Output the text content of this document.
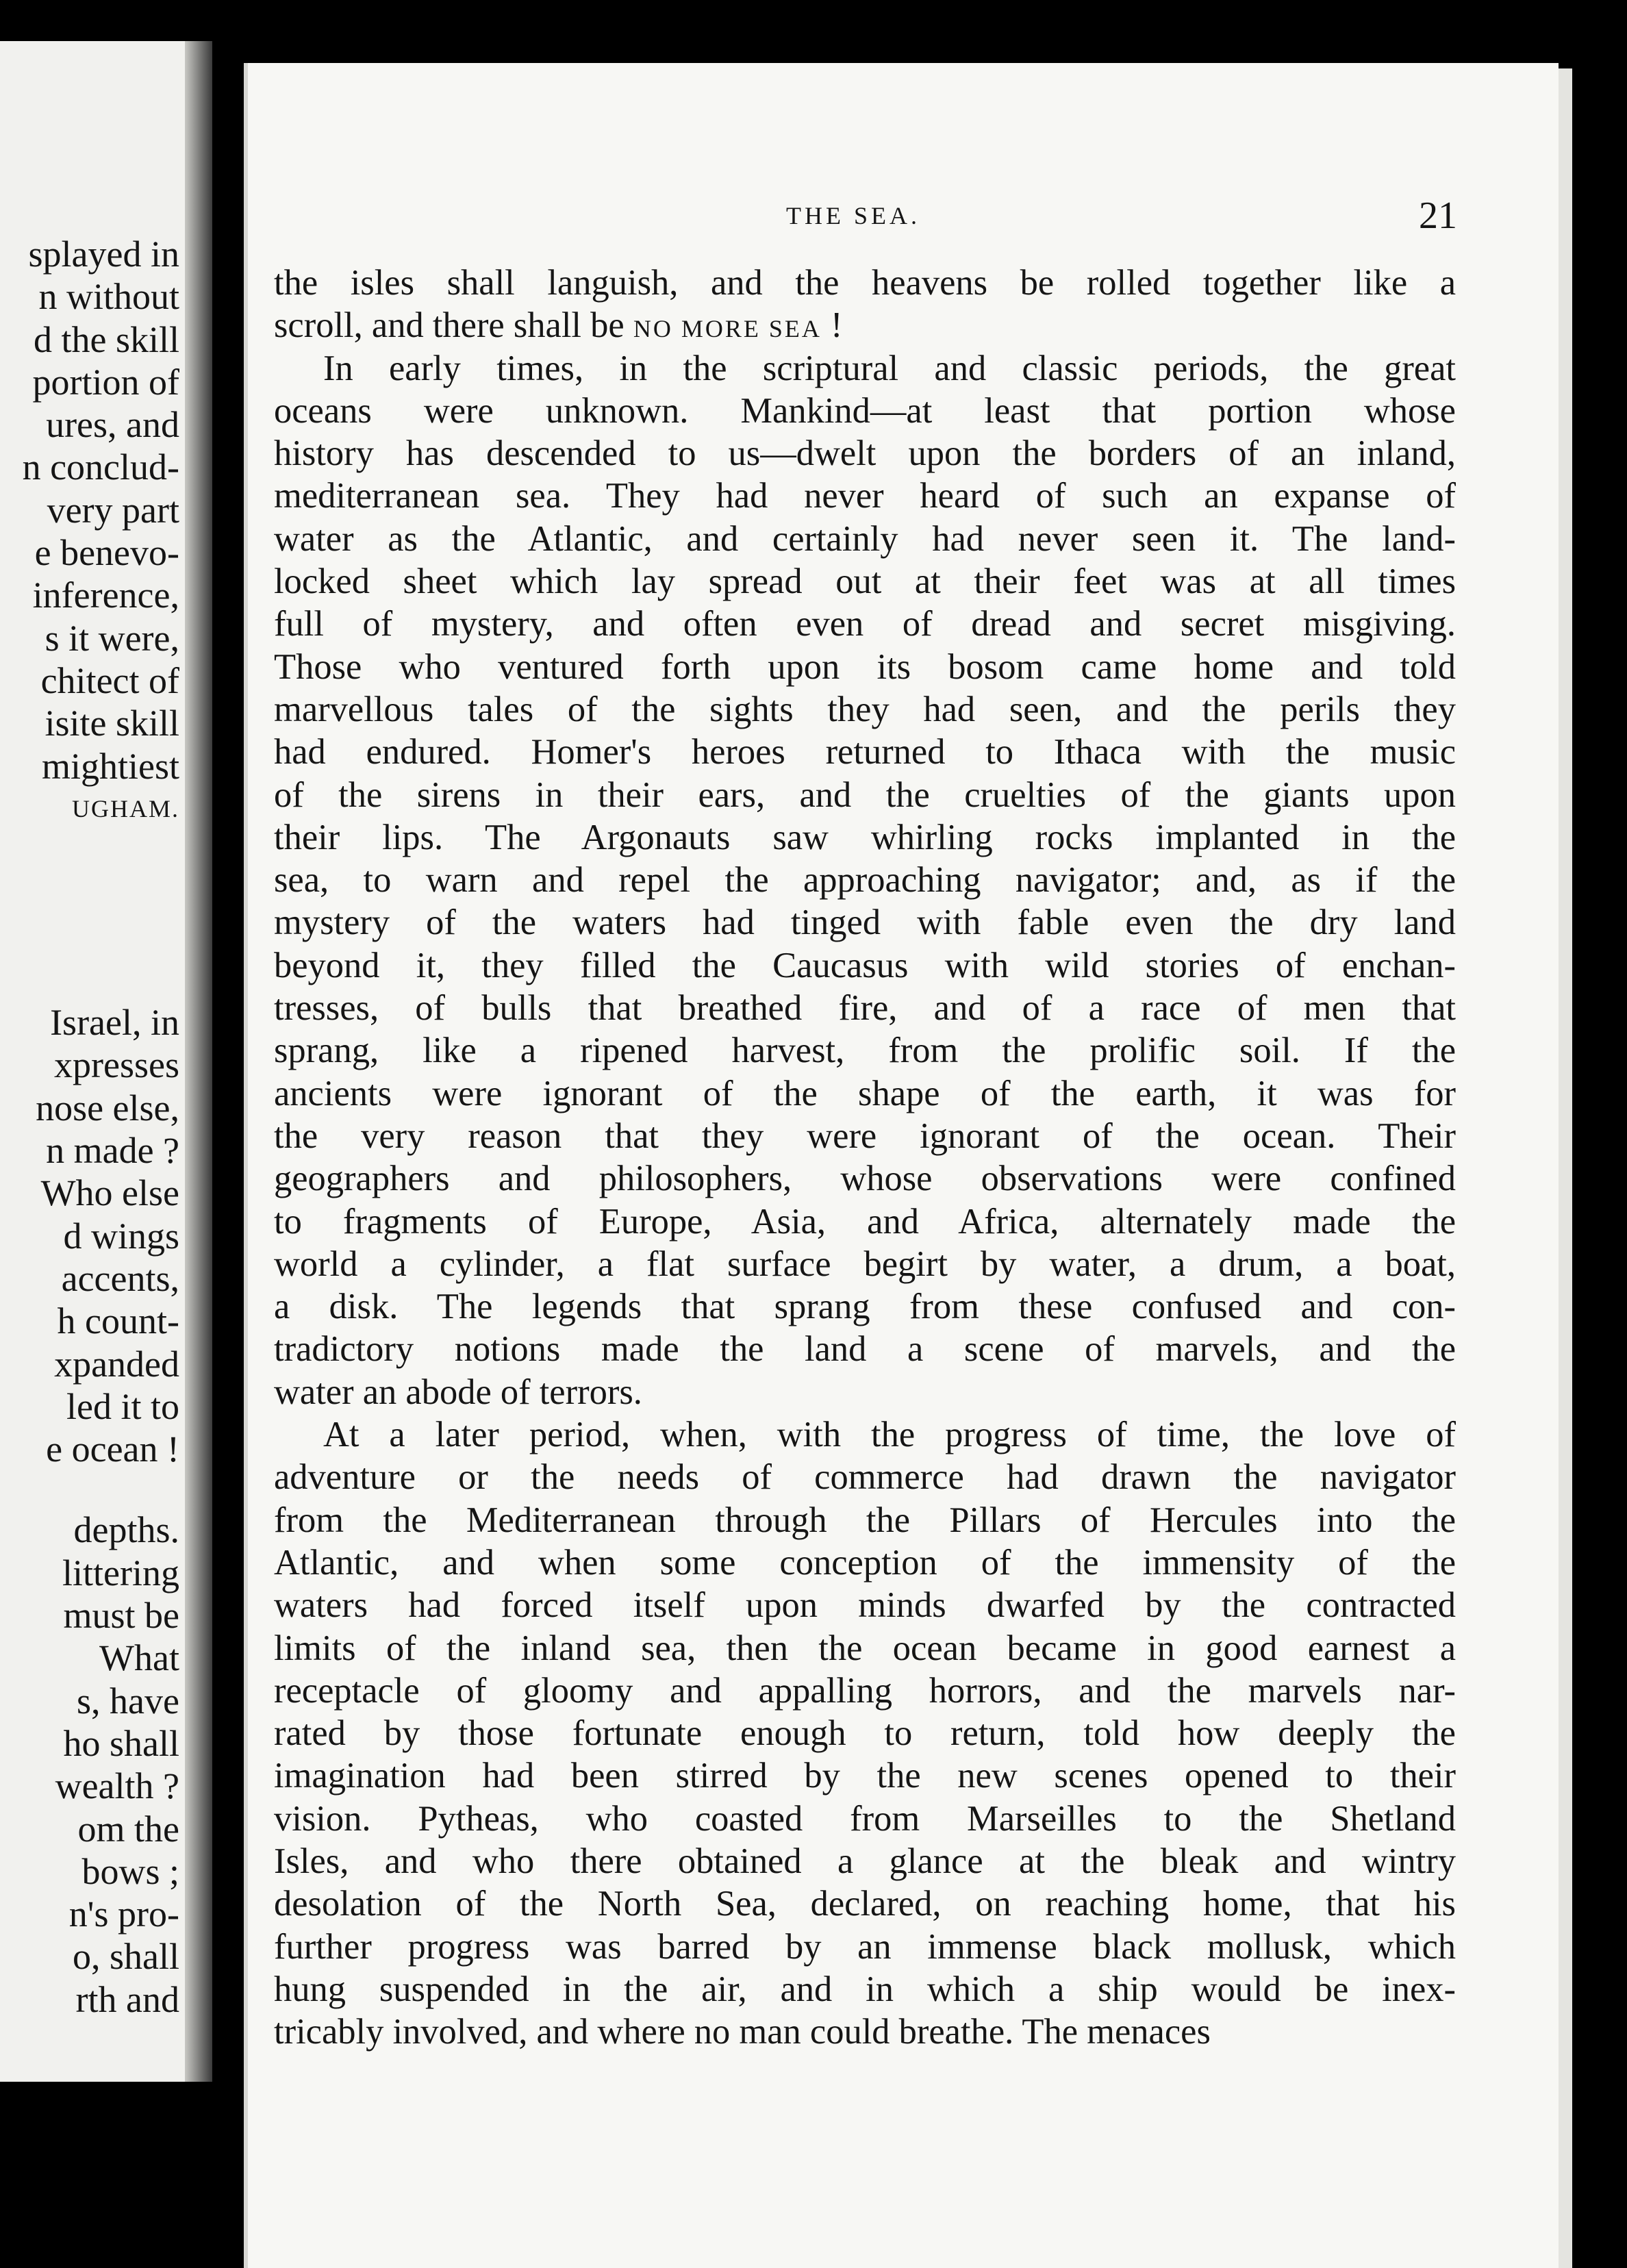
splayed in
n without
d the skill
portion of
ures, and
n conclud-
very part
e benevo-
inference,
s it were,
chitect of
isite skill
mightiest
UGHAM.
Israel, in
xpresses
nose else,
n made ?
Who else
d wings
accents,
h count-
xpanded
led it to
e ocean !
depths.
littering
must be
What
s, have
ho shall
wealth ?
om the
bows ;
n's pro-
o, shall
rth and
THE SEA.	21
the isles shall languish, and the heavens be rolled together like a
scroll, and there shall be NO MORE SEA !
In early times, in the scriptural and classic periods, the great
oceans were unknown. Mankind—at least that portion whose
history has descended to us—dwelt upon the borders of an inland,
mediterranean sea. They had never heard of such an expanse of
water as the Atlantic, and certainly had never seen it. The land-
locked sheet which lay spread out at their feet was at all times
full of mystery, and often even of dread and secret misgiving.
Those who ventured forth upon its bosom came home and told
marvellous tales of the sights they had seen, and the perils they
had endured. Homer's heroes returned to Ithaca with the music
of the sirens in their ears, and the cruelties of the giants upon
their lips. The Argonauts saw whirling rocks implanted in the
sea, to warn and repel the approaching navigator; and, as if the
mystery of the waters had tinged with fable even the dry land
beyond it, they filled the Caucasus with wild stories of enchan-
tresses, of bulls that breathed fire, and of a race of men that
sprang, like a ripened harvest, from the prolific soil. If the
ancients were ignorant of the shape of the earth, it was for
the very reason that they were ignorant of the ocean. Their
geographers and philosophers, whose observations were confined
to fragments of Europe, Asia, and Africa, alternately made the
world a cylinder, a flat surface begirt by water, a drum, a boat,
a disk. The legends that sprang from these confused and con-
tradictory notions made the land a scene of marvels, and the
water an abode of terrors.
At a later period, when, with the progress of time, the love of
adventure or the needs of commerce had drawn the navigator
from the Mediterranean through the Pillars of Hercules into the
Atlantic, and when some conception of the immensity of the
waters had forced itself upon minds dwarfed by the contracted
limits of the inland sea, then the ocean became in good earnest a
receptacle of gloomy and appalling horrors, and the marvels nar-
rated by those fortunate enough to return, told how deeply the
imagination had been stirred by the new scenes opened to their
vision. Pytheas, who coasted from Marseilles to the Shetland
Isles, and who there obtained a glance at the bleak and wintry
desolation of the North Sea, declared, on reaching home, that his
further progress was barred by an immense black mollusk, which
hung suspended in the air, and in which a ship would be inex-
tricably involved, and where no man could breathe. The menaces
